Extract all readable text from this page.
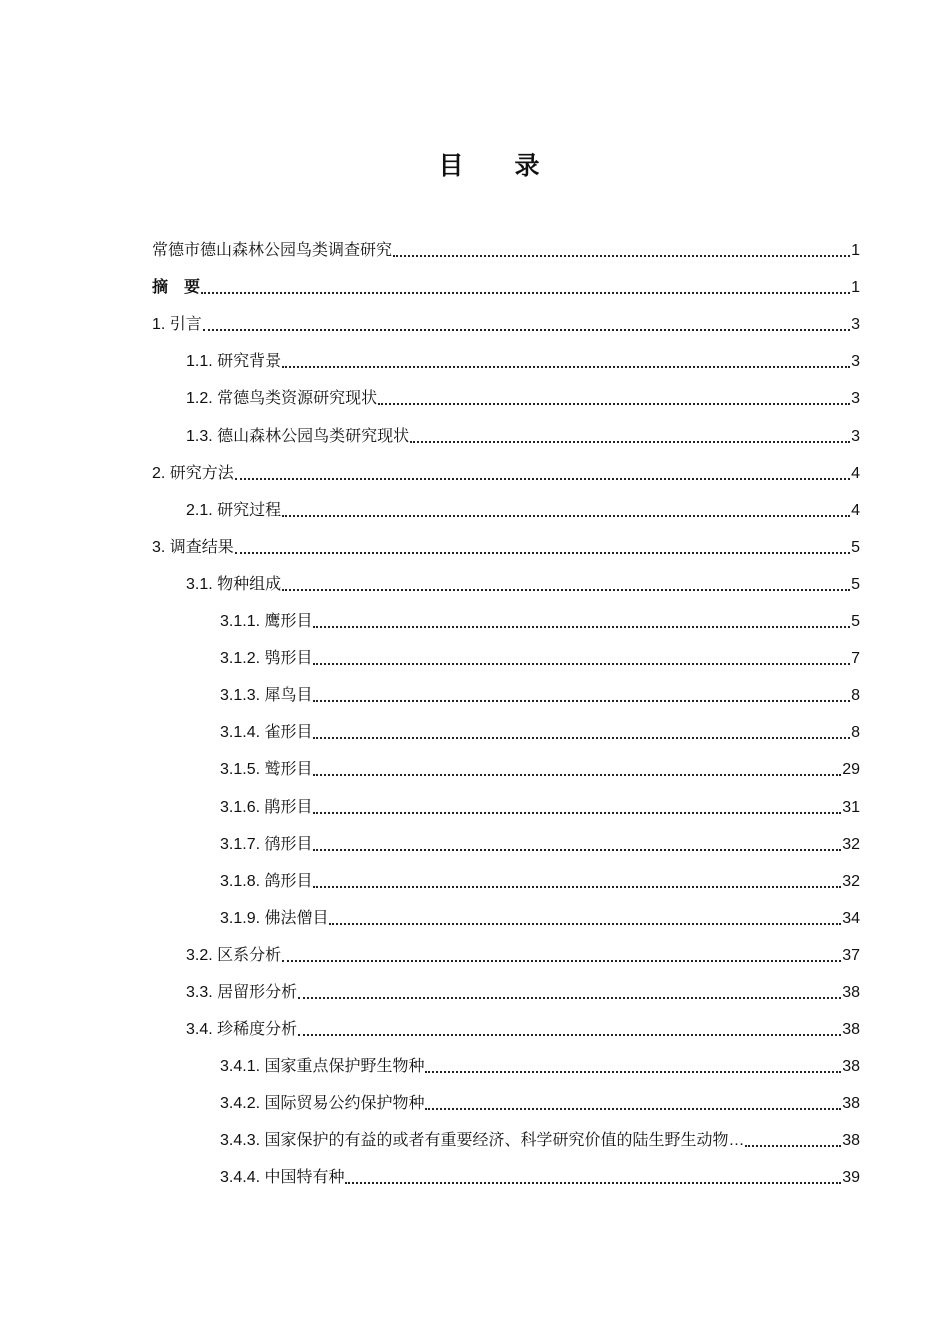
目 录
常德市德山森林公园鸟类调查研究	1
摘　要	1
1. 引言	3
1.1. 研究背景	3
1.2. 常德鸟类资源研究现状	3
1.3. 德山森林公园鸟类研究现状	3
2. 研究方法	4
2.1. 研究过程	4
3. 调查结果	5
3.1. 物种组成	5
3.1.1. 鹰形目	5
3.1.2. 鸮形目	7
3.1.3. 犀鸟目	8
3.1.4. 雀形目	8
3.1.5. 鹫形目	29
3.1.6. 鹃形目	31
3.1.7. 鸻形目	32
3.1.8. 鸽形目	32
3.1.9. 佛法僧目	34
3.2. 区系分析	37
3.3. 居留形分析	38
3.4. 珍稀度分析	38
3.4.1. 国家重点保护野生物种	38
3.4.2. 国际贸易公约保护物种	38
3.4.3. 国家保护的有益的或者有重要经济、科学研究价值的陆生野生动物…	38
3.4.4. 中国特有种	39
